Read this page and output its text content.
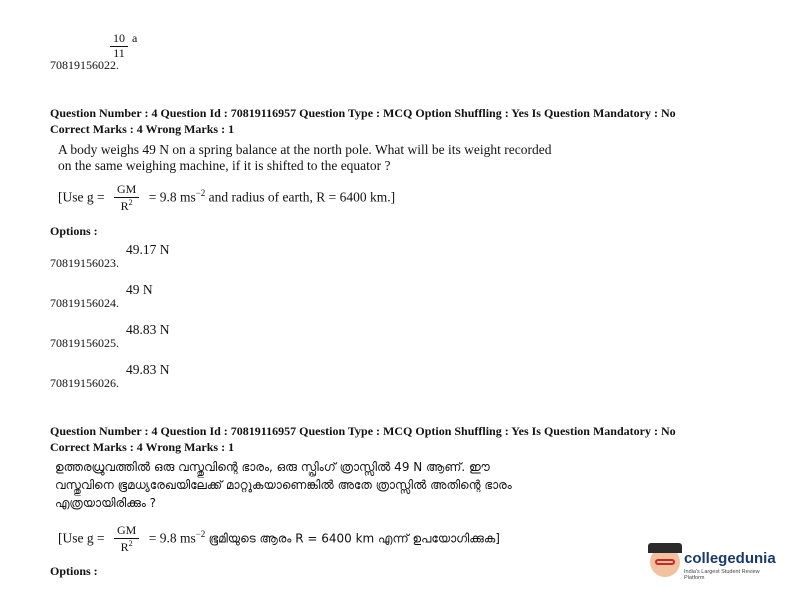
$\frac{10}{11} ^a$
70819156022.
Question Number : 4 Question Id : 70819116957 Question Type : MCQ Option Shuffling : Yes Is Question Mandatory : No
Correct Marks : 4 Wrong Marks : 1
A body weighs 49 N on a spring balance at the north pole. What will be its weight recorded
on the same weighing machine, if it is shifted to the equator ?
[Use $g = \frac{GM}{R^2} = 9.8$ $ms^{-2}$ and radius of earth, R = 6400 km.]
Options :
70819156023.
49.17 N
70819156024.
49 N
70819156025.
48.83 N
70819156026.
49.83 N
Question Number : 4 Question Id : 70819116957 Question Type : MCQ Option Shuffling : Yes Is Question Mandatory : No
Correct Marks : 4 Wrong Marks : 1
ഉത്തരധ്രുവത്തിൽ ഒരു വസ്തുവിന്റെ ഭാരം, ഒരു സ്പ്രിംഗ് ത്രാസ്സിൽ 49 N ആണ്. ഈ
വസ്തുവിനെ ഭൂമധ്യരേഖയിലേക്ക് മാറ്റുകയാണെങ്കിൽ അതേ ത്രാസ്സിൽ അതിന്റെ ഭാരം
എത്രയായിരിക്കും ?
[Use $g = \frac{GM}{R^2} = 9.8$ $ms^{-2}$ ഭൂമിയുടെ ആരം R = 6400 km എന്ന് ഉപയോഗിക്കുക]
Options :
collegedunia
India's Largest Student Review Platform
